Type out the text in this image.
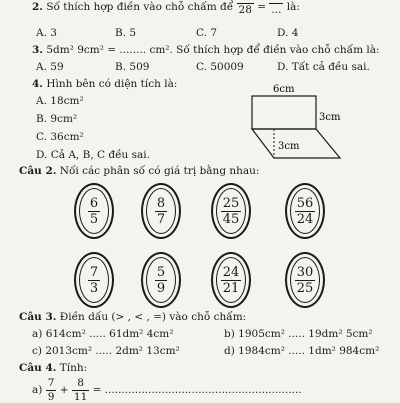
2. Số thích hợp điền vào chỗ chấm để 28 = ... là:
A. 3	B. 5	C. 7	D. 4
3. 5dm² 9cm² = ........ cm². Số thích hợp để điền vào chỗ chấm là:
A. 59	B. 509	C. 50009	D. Tất cả đều sai.
4. Hình bên có diện tích là:
A. 18cm²
B. 9cm²
C. 36cm²
D. Cả A, B, C đều sai.
6cm
3cm
3cm
Câu 2. Nối các phân số có giá trị bằng nhau:
$\frac{6}{5}$	$\frac{8}{7}$	$\frac{25}{45}$	$\frac{56}{24}$
$\frac{7}{3}$	$\frac{5}{9}$	$\frac{24}{21}$	$\frac{30}{25}$
Câu 3. Điền dấu (> , < , =) vào chỗ chấm:
a) 614cm² ..... 61dm² 4cm²	b) 1905cm² ..... 19dm² 5cm²
c) 2013cm² ..... 2dm² 13cm²	d) 1984cm² ..... 1dm² 984cm²
Câu 4. Tính:
$a) \frac{7}{9} + \frac{8}{11}$ = ...........................................................
